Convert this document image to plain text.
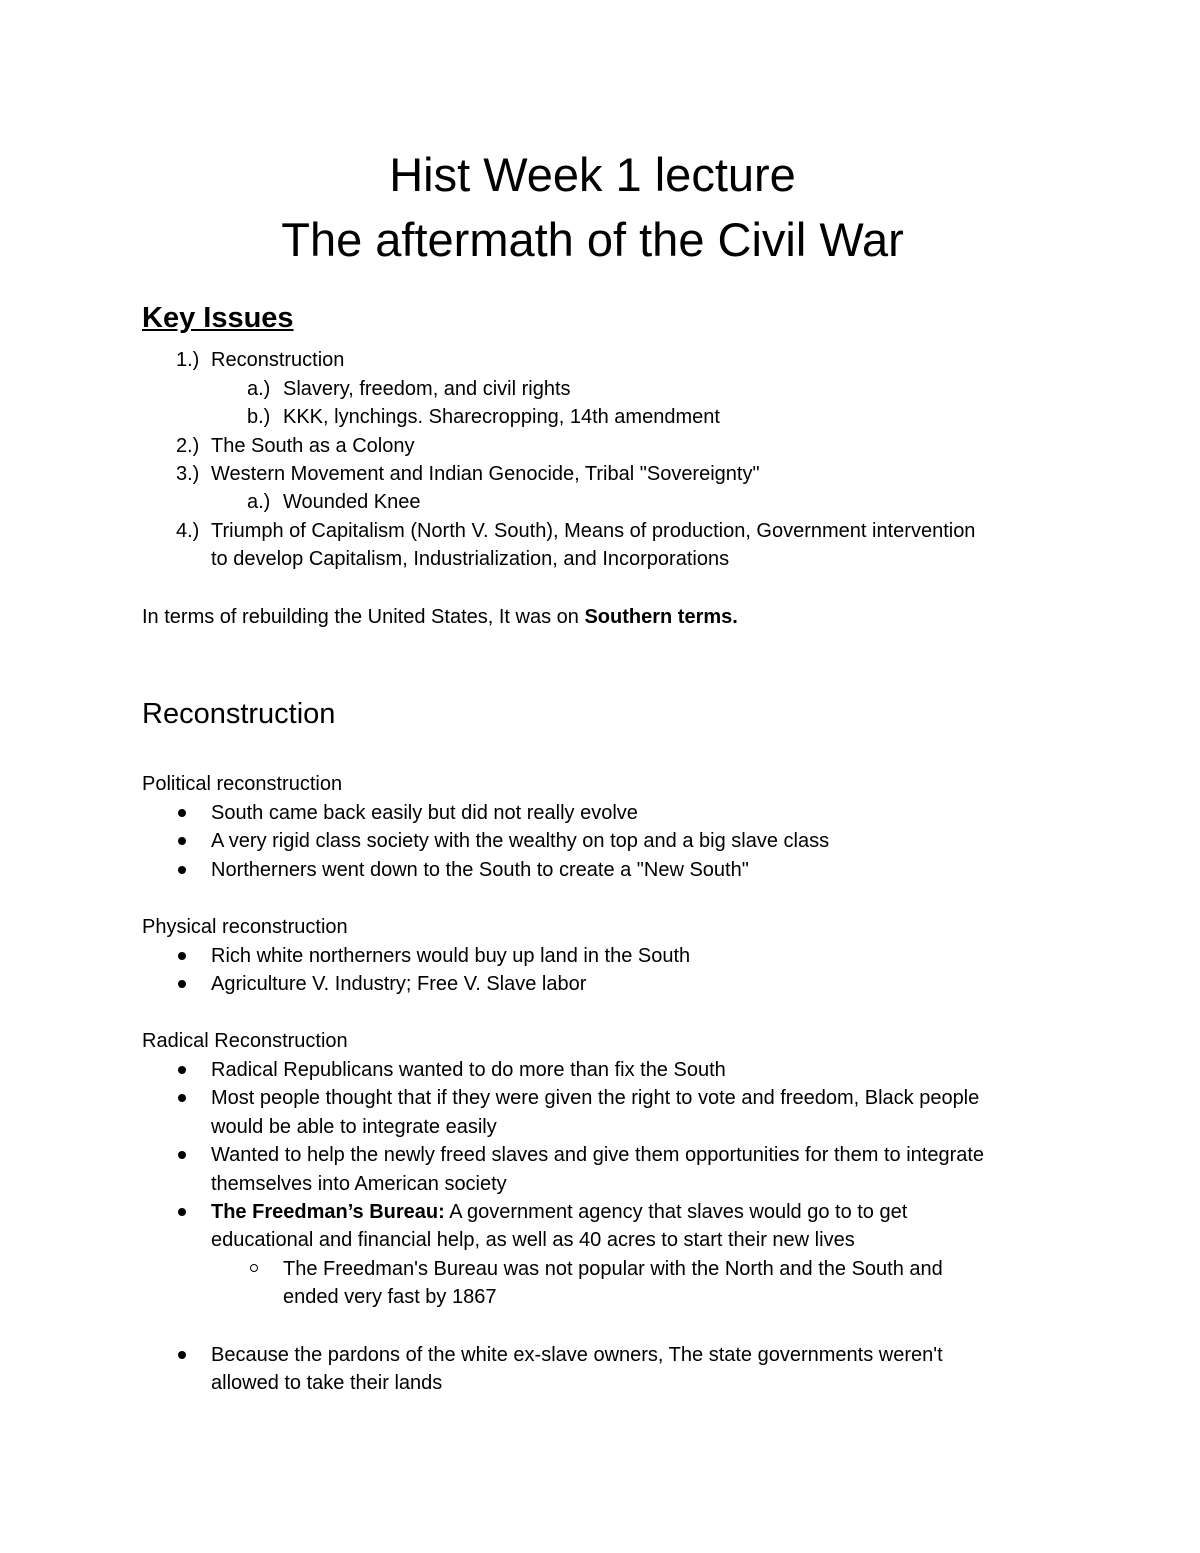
Hist Week 1 lecture
The aftermath of the Civil War
Key Issues
1.) Reconstruction
a.) Slavery, freedom, and civil rights
b.) KKK, lynchings. Sharecropping, 14th amendment
2.) The South as a Colony
3.) Western Movement and Indian Genocide, Tribal "Sovereignty"
a.) Wounded Knee
4.) Triumph of Capitalism (North V. South), Means of production, Government intervention
to develop Capitalism, Industrialization, and Incorporations
In terms of rebuilding the United States, It was on Southern terms.
Reconstruction
Political reconstruction
South came back easily but did not really evolve
A very rigid class society with the wealthy on top and a big slave class
Northerners went down to the South to create a "New South"
Physical reconstruction
Rich white northerners would buy up land in the South
Agriculture V. Industry; Free V. Slave labor
Radical Reconstruction
Radical Republicans wanted to do more than fix the South
Most people thought that if they were given the right to vote and freedom, Black people
would be able to integrate easily
Wanted to help the newly freed slaves and give them opportunities for them to integrate
themselves into American society
The Freedman’s Bureau: A government agency that slaves would go to to get
educational and financial help, as well as 40 acres to start their new lives
The Freedman's Bureau was not popular with the North and the South and
ended very fast by 1867
Because the pardons of the white ex-slave owners, The state governments weren't
allowed to take their lands
